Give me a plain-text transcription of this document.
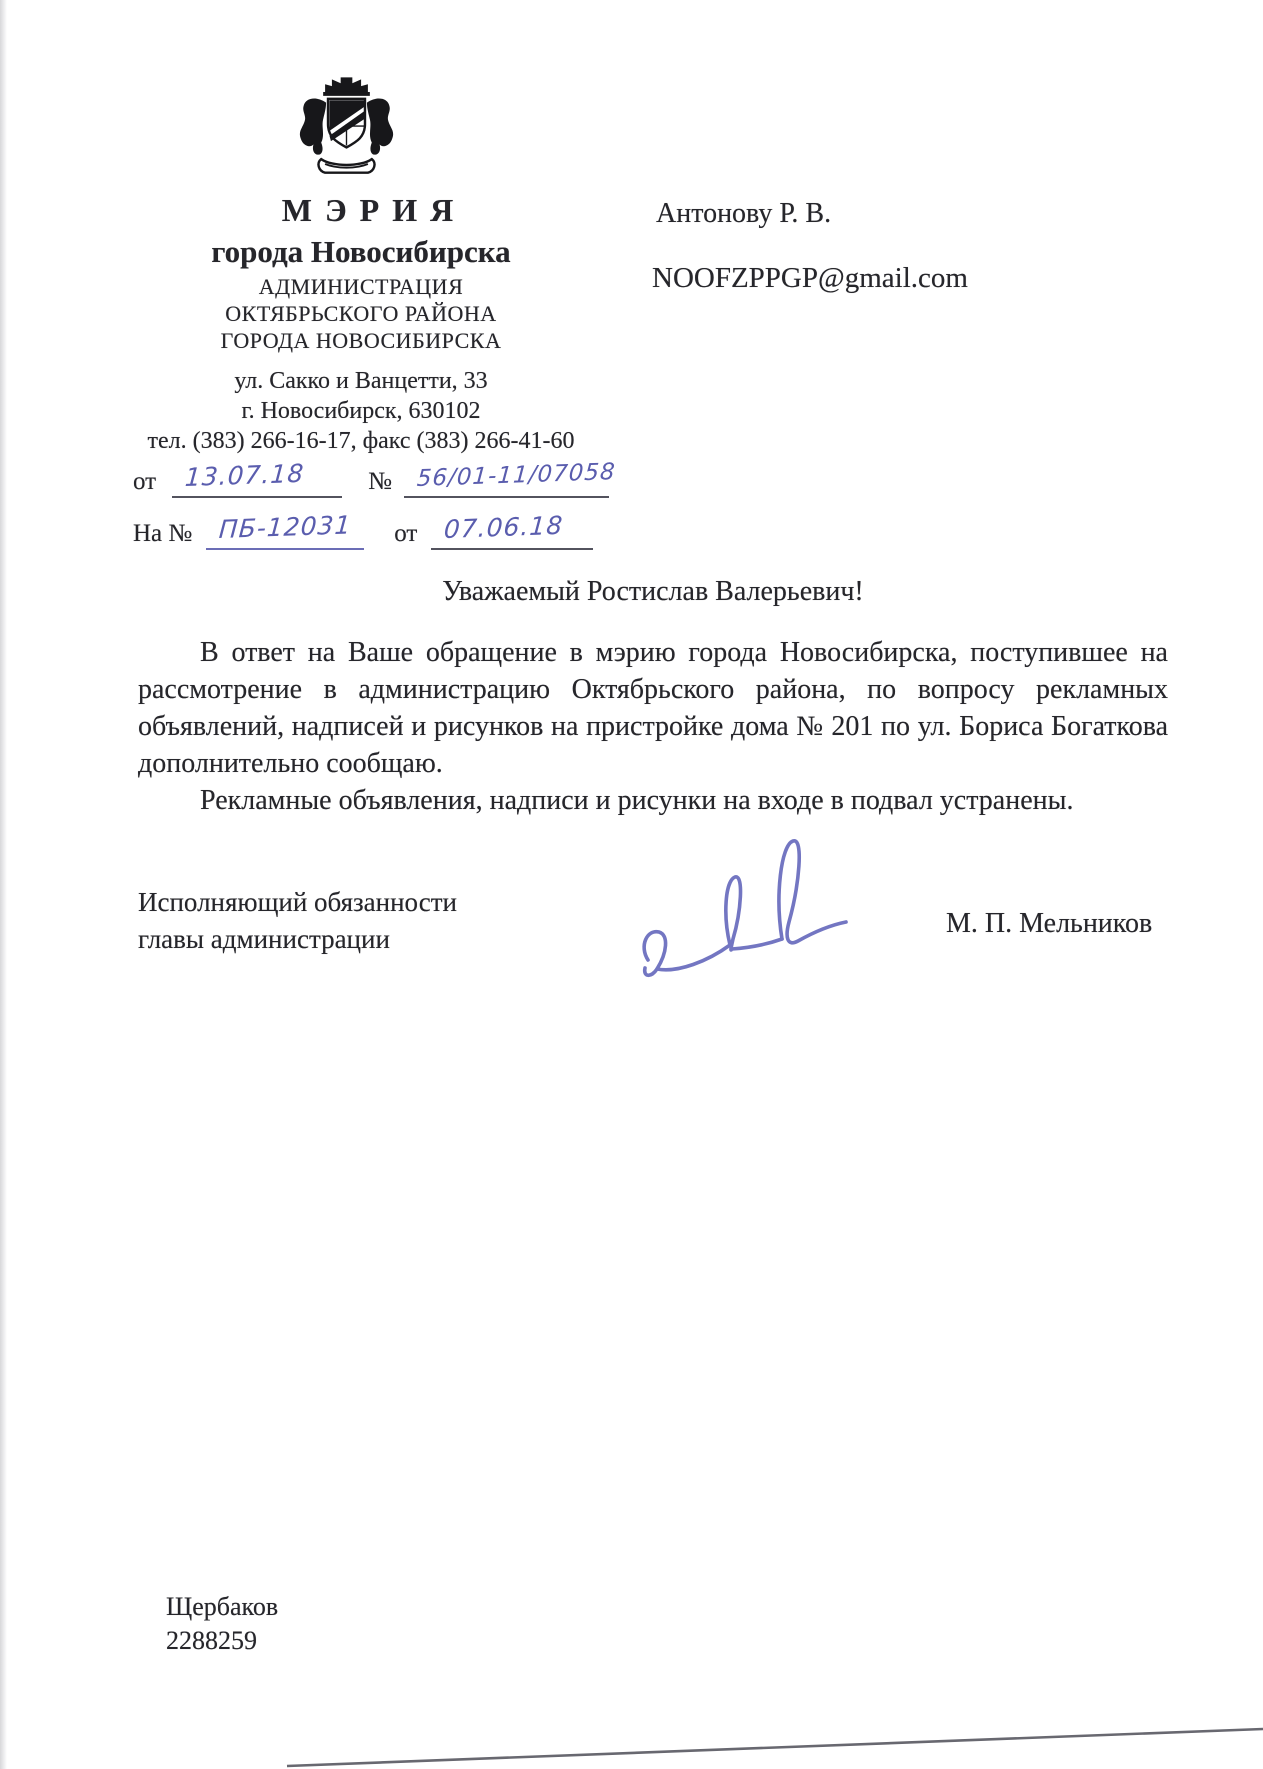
МЭРИЯ
города Новосибирска
АДМИНИСТРАЦИЯ
ОКТЯБРЬСКОГО РАЙОНА
ГОРОДА НОВОСИБИРСКА
ул. Сакко и Ванцетти, 33
г. Новосибирск, 630102
тел. (383) 266-16-17, факс (383) 266-41-60
от 13.07.18	№ 56/01-11/07058
На № ПБ-12031 от 07.06.18
Антонову Р. В.
NOOFZPPGP@gmail.com
Уважаемый Ростислав Валерьевич!

В ответ на Ваше обращение в мэрию города Новосибирска, поступившее на рассмотрение в администрацию Октябрьского района, по вопросу рекламных объявлений, надписей и рисунков на пристройке дома № 201 по ул. Бориса Богаткова дополнительно сообщаю.

Рекламные объявления, надписи и рисунки на входе в подвал устранены.

Исполняющий обязанности
главы администрации	М. П. Мельников
Щербаков
2288259
